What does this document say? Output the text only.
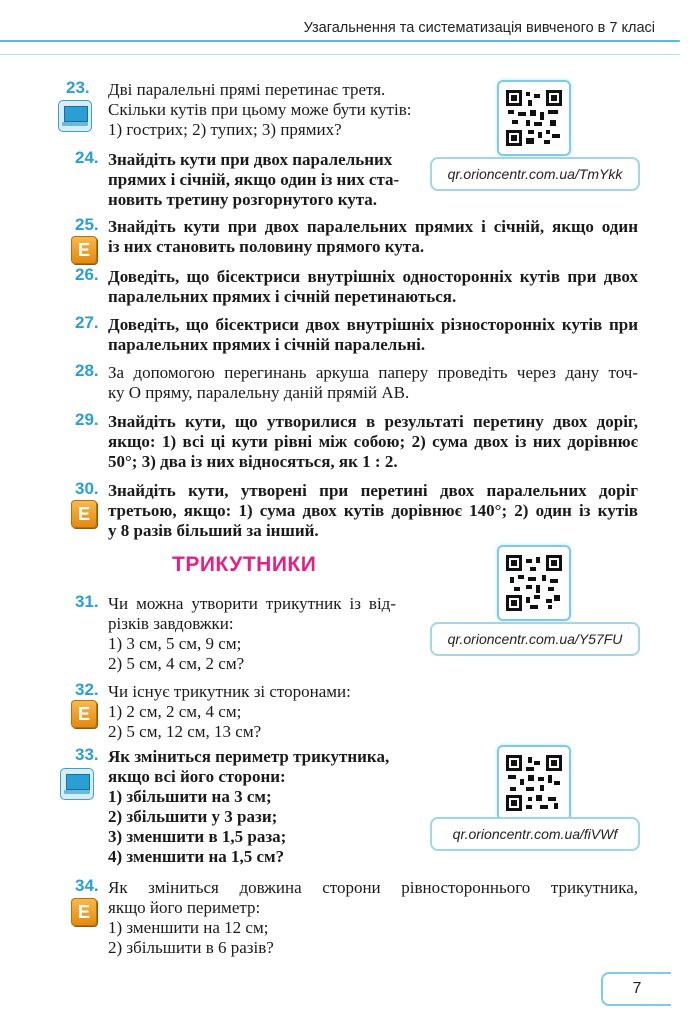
Узагальнення та систематизація вивченого в 7 класі
23. Дві паралельні прямі перетинає третя.
Скільки кутів при цьому може бути кутів:
1) гострих; 2) тупих; 3) прямих?
qr.orioncentr.com.ua/TmYkk
24. Знайдіть кути при двох паралельних
прямих і січній, якщо один із них ста-
новить третину розгорнутого кута.
25.
Е
Знайдіть кути при двох паралельних прямих і січній, якщо один
із них становить половину прямого кута.
26. Доведіть, що бісектриси внутрішніх односторонніх кутів при двох
паралельних прямих і січній перетинаються.
27. Доведіть, що бісектриси двох внутрішніх різносторонніх кутів при
паралельних прямих і січній паралельні.
28. За допомогою перегинань аркуша паперу проведіть через дану точ-
ку O пряму, паралельну даній прямій AB.
29. Знайдіть кути, що утворилися в результаті перетину двох доріг,
якщо: 1) всі ці кути рівні між собою; 2) сума двох із них дорівнює
50°; 3) два із них відносяться, як 1 : 2.
30.
Е
Знайдіть кути, утворені при перетині двох паралельних доріг
третьою, якщо: 1) сума двох кутів дорівнює 140°; 2) один із кутів
у 8 разів більший за інший.
ТРИКУТНИКИ
qr.orioncentr.com.ua/Y57FU
31. Чи можна утворити трикутник із від-
різків завдовжки:
1) 3 см, 5 см, 9 см;
2) 5 см, 4 см, 2 см?
32.
Е
Чи існує трикутник зі сторонами:
1) 2 см, 2 см, 4 см;
2) 5 см, 12 см, 13 см?
qr.orioncentr.com.ua/fiVWf
33. Як зміниться периметр трикутника,
якщо всі його сторони:
1) збільшити на 3 см;
2) збільшити у 3 рази;
3) зменшити в 1,5 раза;
4) зменшити на 1,5 см?
34.
Е
Як зміниться довжина сторони рівностороннього трикутника,
якщо його периметр:
1) зменшити на 12 см;
2) збільшити в 6 разів?
7
